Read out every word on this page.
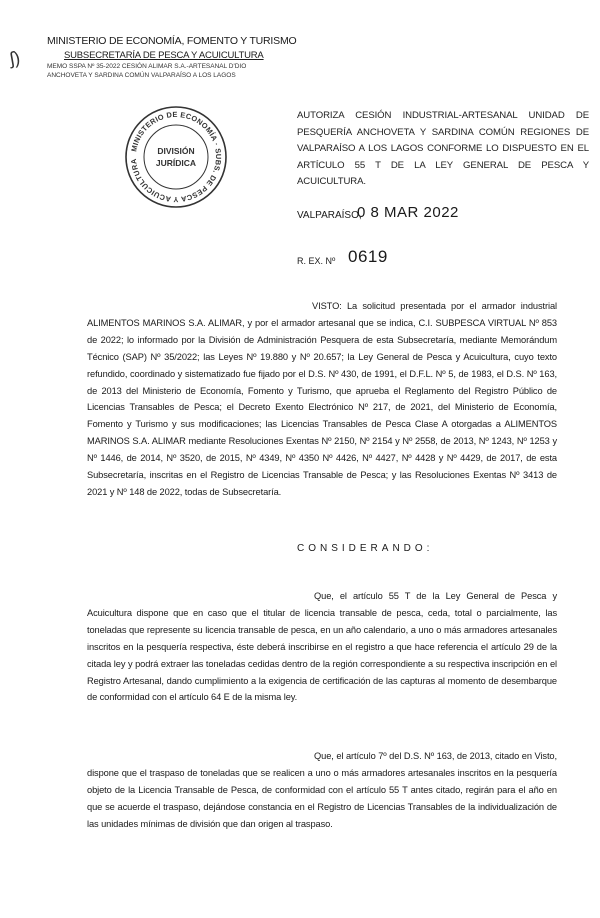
ʃ)
MINISTERIO DE ECONOMÍA, FOMENTO Y TURISMO
SUBSECRETARÍA DE PESCA Y ACUICULTURA
MEMO SSPA Nº 35-2022 CESIÓN ALIMAR S.A.-ARTESANAL D'DIO
ANCHOVETA Y SARDINA COMÚN VALPARAÍSO A LOS LAGOS
MINISTERIO DE ECONOMÍA · SUBS. DE PESCA Y ACUICULTURA
DIVISIÓN
JURÍDICA
AUTORIZA CESIÓN INDUSTRIAL-ARTESANAL UNIDAD DE PESQUERÍA ANCHOVETA Y SARDINA COMÚN REGIONES DE VALPARAÍSO A LOS LAGOS CONFORME LO DISPUESTO EN EL ARTÍCULO 55 T DE LA LEY GENERAL DE PESCA Y ACUICULTURA.
VALPARAÍSO,
0 8 MAR 2022
R. EX. Nº 0619
VISTO: La solicitud presentada por el armador industrial ALIMENTOS MARINOS S.A. ALIMAR, y por el armador artesanal que se indica, C.I. SUBPESCA VIRTUAL Nº 853 de 2022; lo informado por la División de Administración Pesquera de esta Subsecretaría, mediante Memorándum Técnico (SAP) Nº 35/2022; las Leyes Nº 19.880 y Nº 20.657; la Ley General de Pesca y Acuicultura, cuyo texto refundido, coordinado y sistematizado fue fijado por el D.S. Nº 430, de 1991, el D.F.L. Nº 5, de 1983, el D.S. Nº 163, de 2013 del Ministerio de Economía, Fomento y Turismo, que aprueba el Reglamento del Registro Público de Licencias Transables de Pesca; el Decreto Exento Electrónico Nº 217, de 2021, del Ministerio de Economía, Fomento y Turismo y sus modificaciones; las Licencias Transables de Pesca Clase A otorgadas a ALIMENTOS MARINOS S.A. ALIMAR mediante Resoluciones Exentas Nº 2150, Nº 2154 y Nº 2558, de 2013, Nº 1243, Nº 1253 y Nº 1446, de 2014, Nº 3520, de 2015, Nº 4349, Nº 4350 Nº 4426, Nº 4427, Nº 4428 y Nº 4429, de 2017, de esta Subsecretaría, inscritas en el Registro de Licencias Transable de Pesca; y las Resoluciones Exentas Nº 3413 de 2021 y Nº 148 de 2022, todas de Subsecretaría.
CONSIDERANDO:
Que, el artículo 55 T de la Ley General de Pesca y Acuicultura dispone que en caso que el titular de licencia transable de pesca, ceda, total o parcialmente, las toneladas que represente su licencia transable de pesca, en un año calendario, a uno o más armadores artesanales inscritos en la pesquería respectiva, éste deberá inscribirse en el registro a que hace referencia el artículo 29 de la citada ley y podrá extraer las toneladas cedidas dentro de la región correspondiente a su respectiva inscripción en el Registro Artesanal, dando cumplimiento a la exigencia de certificación de las capturas al momento de desembarque de conformidad con el artículo 64 E de la misma ley.
Que, el artículo 7º del D.S. Nº 163, de 2013, citado en Visto, dispone que el traspaso de toneladas que se realicen a uno o más armadores artesanales inscritos en la pesquería objeto de la Licencia Transable de Pesca, de conformidad con el artículo 55 T antes citado, regirán para el año en que se acuerde el traspaso, dejándose constancia en el Registro de Licencias Transables de la individualización de las unidades mínimas de división que dan origen al traspaso.
